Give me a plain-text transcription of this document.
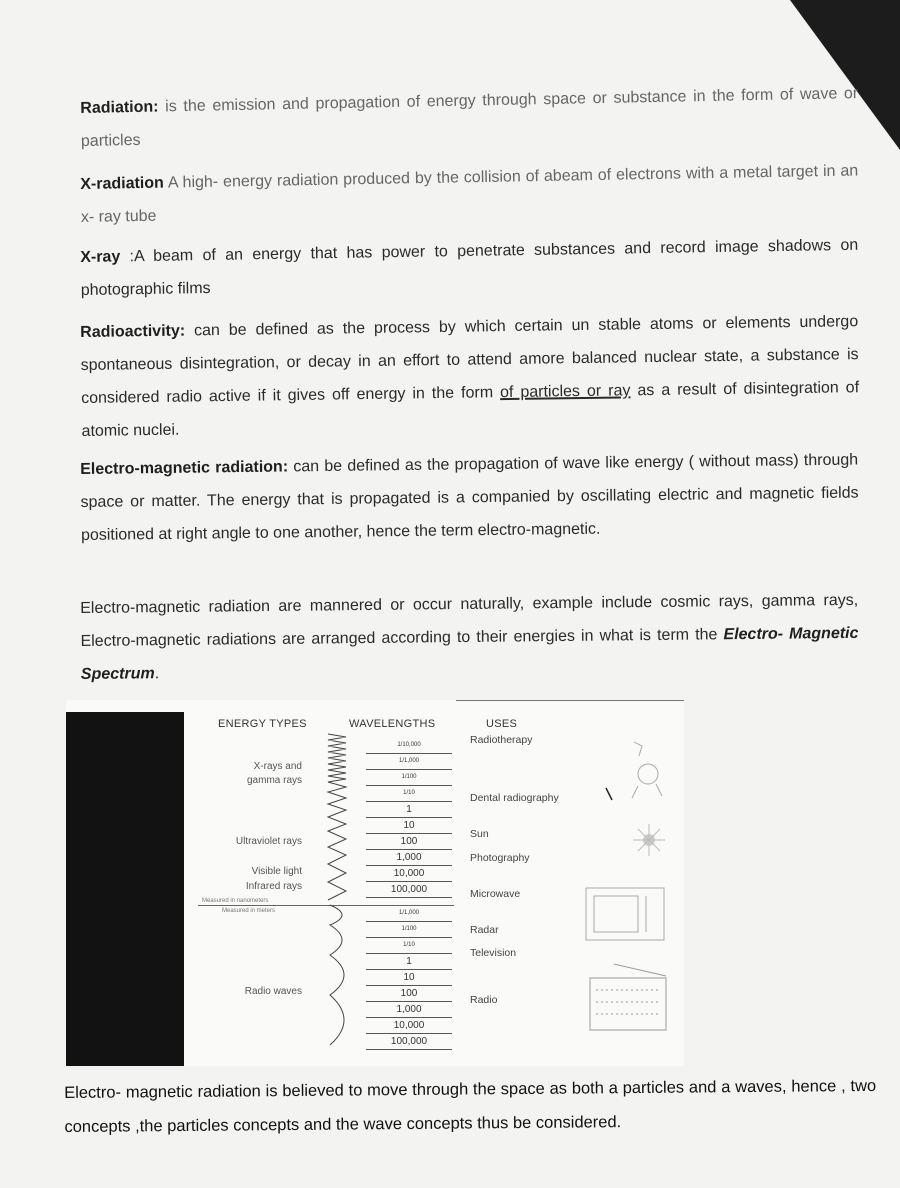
Radiation: is the emission and propagation of energy through space or substance in the form of wave or particles

X-radiation A high- energy radiation produced by the collision of abeam of electrons with a metal target in an x- ray tube

X-ray :A beam of an energy that has power to penetrate substances and record image shadows on photographic films

Radioactivity: can be defined as the process by which certain un stable atoms or elements undergo spontaneous disintegration, or decay in an effort to attend amore balanced nuclear state, a substance is considered radio active if it gives off energy in the form of particles or ray as a result of disintegration of atomic nuclei.

Electro-magnetic radiation: can be defined as the propagation of wave like energy ( without mass) through space or matter. The energy that is propagated is a companied by oscillating electric and magnetic fields positioned at right angle to one another, hence the term electro-magnetic.

Electro-magnetic radiation are mannered or occur naturally, example include cosmic rays, gamma rays, Electro-magnetic radiations are arranged according to their energies in what is term the Electro- Magnetic Spectrum.

ENERGY TYPES	WAVELENGTHS	USES
X-rays and
gamma rays
Ultraviolet rays
Visible light
Infrared rays
Measured in nanometers
Measured in meters
Radio waves
1/10,000
1/1,000
1/100
1/10
1
10
100
1,000
10,000
100,000
1/1,000
1/100
1/10
1
10
100
1,000
10,000
100,000
Radiotherapy
Dental radiography
Sun
Photography
Microwave
Radar
Television
Radio

Electro- magnetic radiation is believed to move through the space as both a particles and a waves, hence , two concepts ,the particles concepts and the wave concepts thus be considered.
